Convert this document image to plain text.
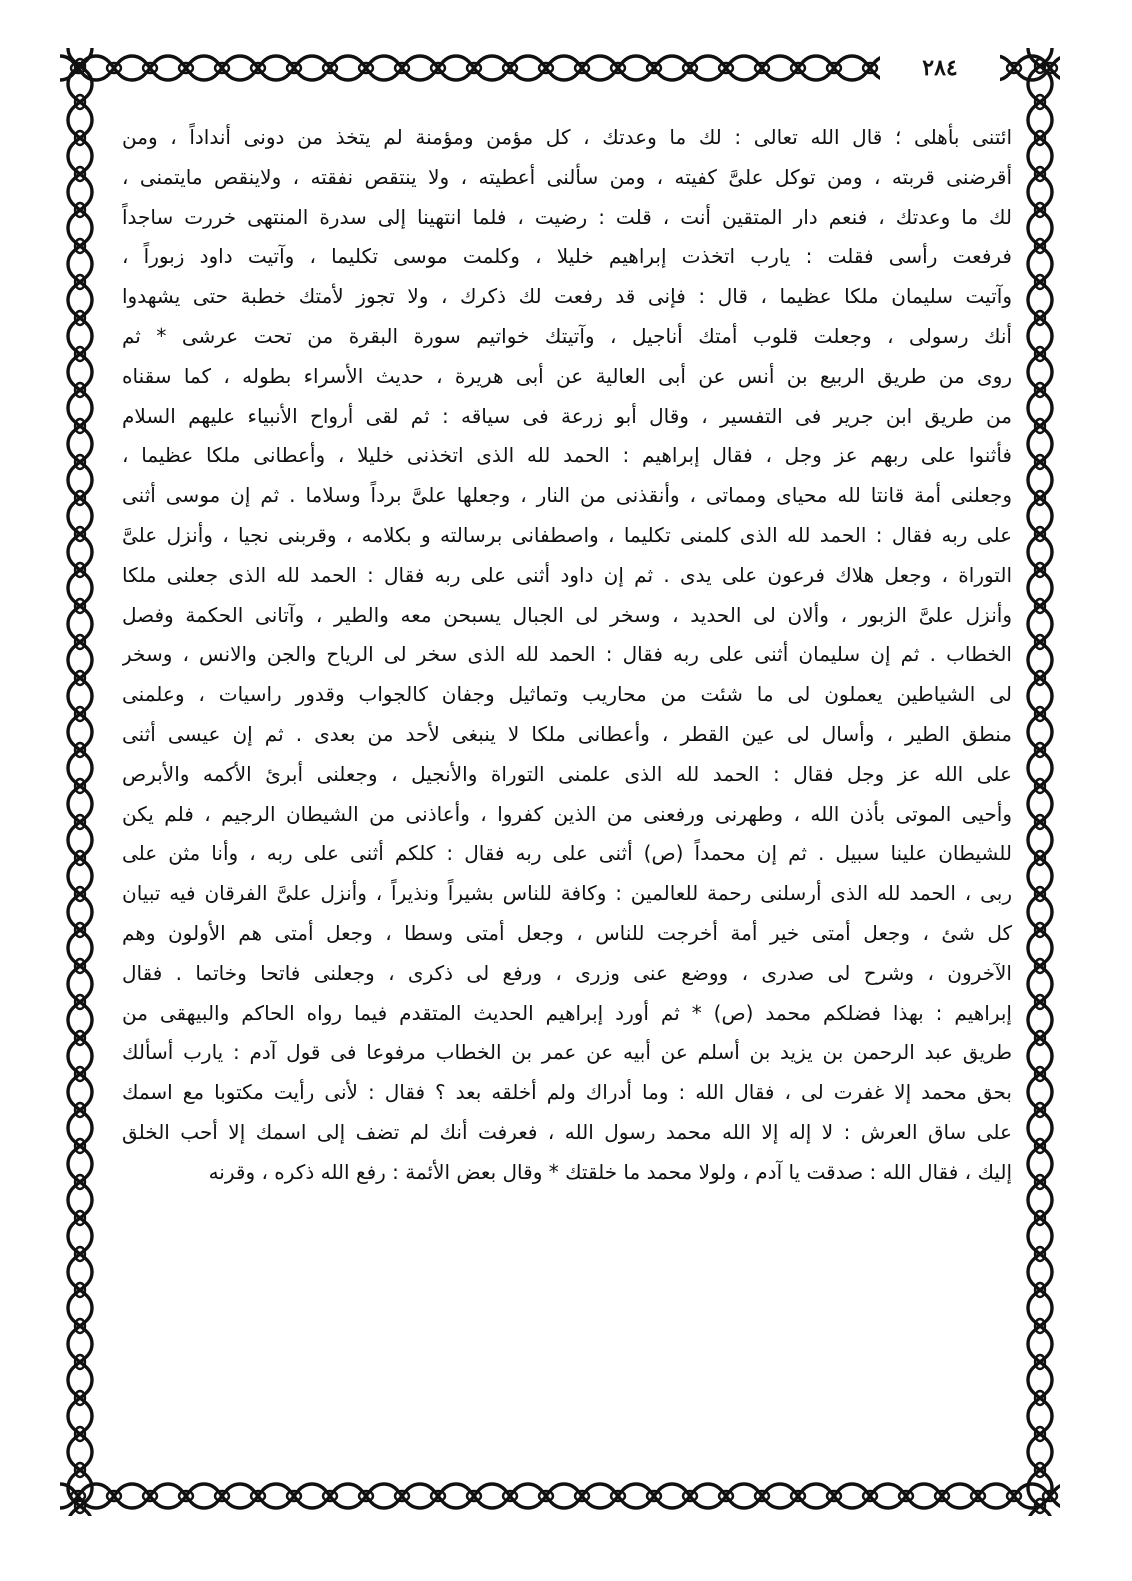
٢٨٤
ائتنى بأهلى ؛ قال الله تعالى : لك ما وعدتك ، كل مؤمن ومؤمنة لم يتخذ من دونى أنداداً ، ومن
أقرضنى قربته ، ومن توكل علىَّ كفيته ، ومن سألنى أعطيته ، ولا ينتقص نفقته ، ولاينقص مايتمنى ،
لك ما وعدتك ، فنعم دار المتقين أنت ، قلت : رضيت ، فلما انتهينا إلى سدرة المنتهى خررت ساجداً
فرفعت رأسى فقلت : يارب اتخذت إبراهيم خليلا ، وكلمت موسى تكليما ، وآتيت داود زبوراً ،
وآتيت سليمان ملكا عظيما ، قال : فإنى قد رفعت لك ذكرك ، ولا تجوز لأمتك خطبة حتى يشهدوا
أنك رسولى ، وجعلت قلوب أمتك أناجيل ، وآتيتك خواتيم سورة البقرة من تحت عرشى * ثم
روى من طريق الربيع بن أنس عن أبى العالية عن أبى هريرة ، حديث الأسراء بطوله ، كما سقناه
من طريق ابن جرير فى التفسير ، وقال أبو زرعة فى سياقه : ثم لقى أرواح الأنبياء عليهم السلام
فأثنوا على ربهم عز وجل ، فقال إبراهيم : الحمد لله الذى اتخذنى خليلا ، وأعطانى ملكا عظيما ،
وجعلنى أمة قانتا لله محياى ومماتى ، وأنقذنى من النار ، وجعلها علىَّ برداً وسلاما . ثم إن موسى أثنى
على ربه فقال : الحمد لله الذى كلمنى تكليما ، واصطفانى برسالته و بكلامه ، وقربنى نجيا ، وأنزل علىَّ
التوراة ، وجعل هلاك فرعون على يدى . ثم إن داود أثنى على ربه فقال : الحمد لله الذى جعلنى ملكا
وأنزل علىَّ الزبور ، وألان لى الحديد ، وسخر لى الجبال يسبحن معه والطير ، وآتانى الحكمة وفصل
الخطاب . ثم إن سليمان أثنى على ربه فقال : الحمد لله الذى سخر لى الرياح والجن والانس ، وسخر
لى الشياطين يعملون لى ما شئت من محاريب وتماثيل وجفان كالجواب وقدور راسيات ، وعلمنى
منطق الطير ، وأسال لى عين القطر ، وأعطانى ملكا لا ينبغى لأحد من بعدى . ثم إن عيسى أثنى
على الله عز وجل فقال : الحمد لله الذى علمنى التوراة والأنجيل ، وجعلنى أبرئ الأكمه والأبرص
وأحيى الموتى بأذن الله ، وطهرنى ورفعنى من الذين كفروا ، وأعاذنى من الشيطان الرجيم ، فلم يكن
للشيطان علينا سبيل . ثم إن محمداً (ص) أثنى على ربه فقال : كلكم أثنى على ربه ، وأنا مثن على
ربى ، الحمد لله الذى أرسلنى رحمة للعالمين : وكافة للناس بشيراً ونذيراً ، وأنزل علىَّ الفرقان فيه تبيان
كل شئ ، وجعل أمتى خير أمة أخرجت للناس ، وجعل أمتى وسطا ، وجعل أمتى هم الأولون وهم
الآخرون ، وشرح لى صدرى ، ووضع عنى وزرى ، ورفع لى ذكرى ، وجعلنى فاتحا وخاتما . فقال
إبراهيم : بهذا فضلكم محمد (ص) * ثم أورد إبراهيم الحديث المتقدم فيما رواه الحاكم والبيهقى من
طريق عبد الرحمن بن يزيد بن أسلم عن أبيه عن عمر بن الخطاب مرفوعا فى قول آدم : يارب أسألك
بحق محمد إلا غفرت لى ، فقال الله : وما أدراك ولم أخلقه بعد ؟ فقال : لأنى رأيت مكتوبا مع اسمك
على ساق العرش : لا إله إلا الله محمد رسول الله ، فعرفت أنك لم تضف إلى اسمك إلا أحب الخلق
إليك ، فقال الله : صدقت يا آدم ، ولولا محمد ما خلقتك * وقال بعض الأئمة : رفع الله ذكره ، وقرنه
